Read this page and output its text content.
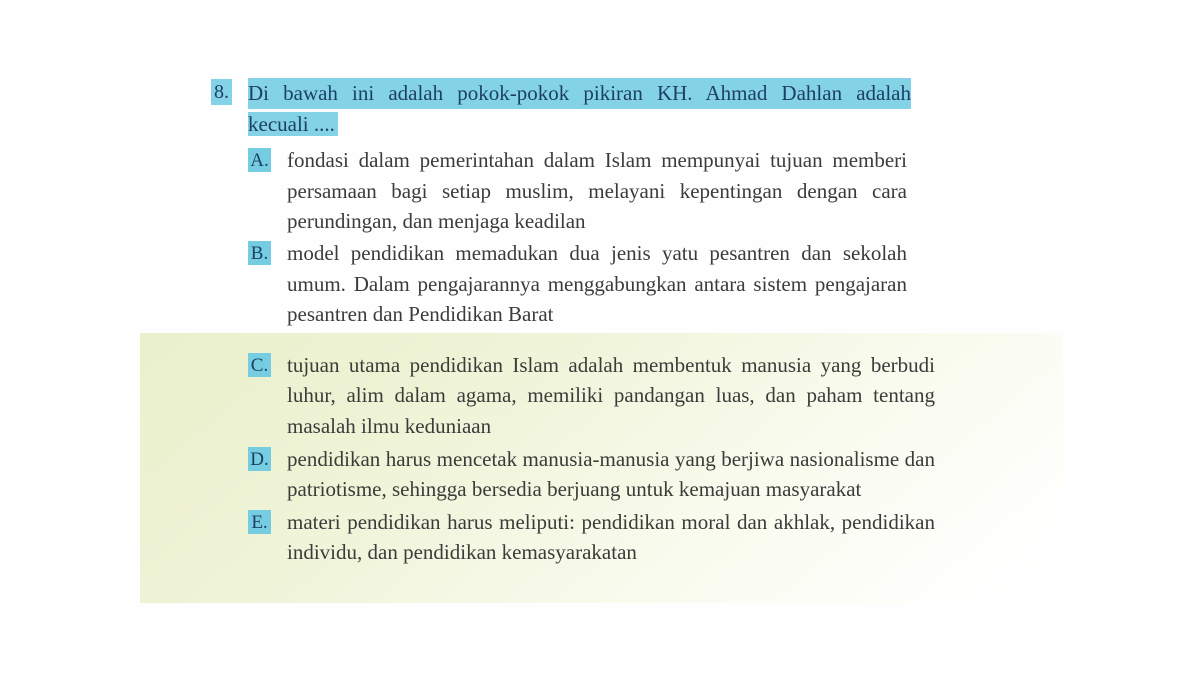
8. Di bawah ini adalah pokok-pokok pikiran KH. Ahmad Dahlan adalah
kecuali ....
A. fondasi dalam pemerintahan dalam Islam mempunyai tujuan memberi persamaan bagi setiap muslim, melayani kepentingan dengan cara perundingan, dan menjaga keadilan

B. model pendidikan memadukan dua jenis yatu pesantren dan sekolah umum. Dalam pengajarannya menggabungkan antara sistem pengajaran pesantren dan Pendidikan Barat

C. tujuan utama pendidikan Islam adalah membentuk manusia yang berbudi luhur, alim dalam agama, memiliki pandangan luas, dan paham tentang masalah ilmu keduniaan

D. pendidikan harus mencetak manusia-manusia yang berjiwa nasionalisme dan patriotisme, sehingga bersedia berjuang untuk kemajuan masyarakat

E. materi pendidikan harus meliputi: pendidikan moral dan akhlak, pendidikan individu, dan pendidikan kemasyarakatan
